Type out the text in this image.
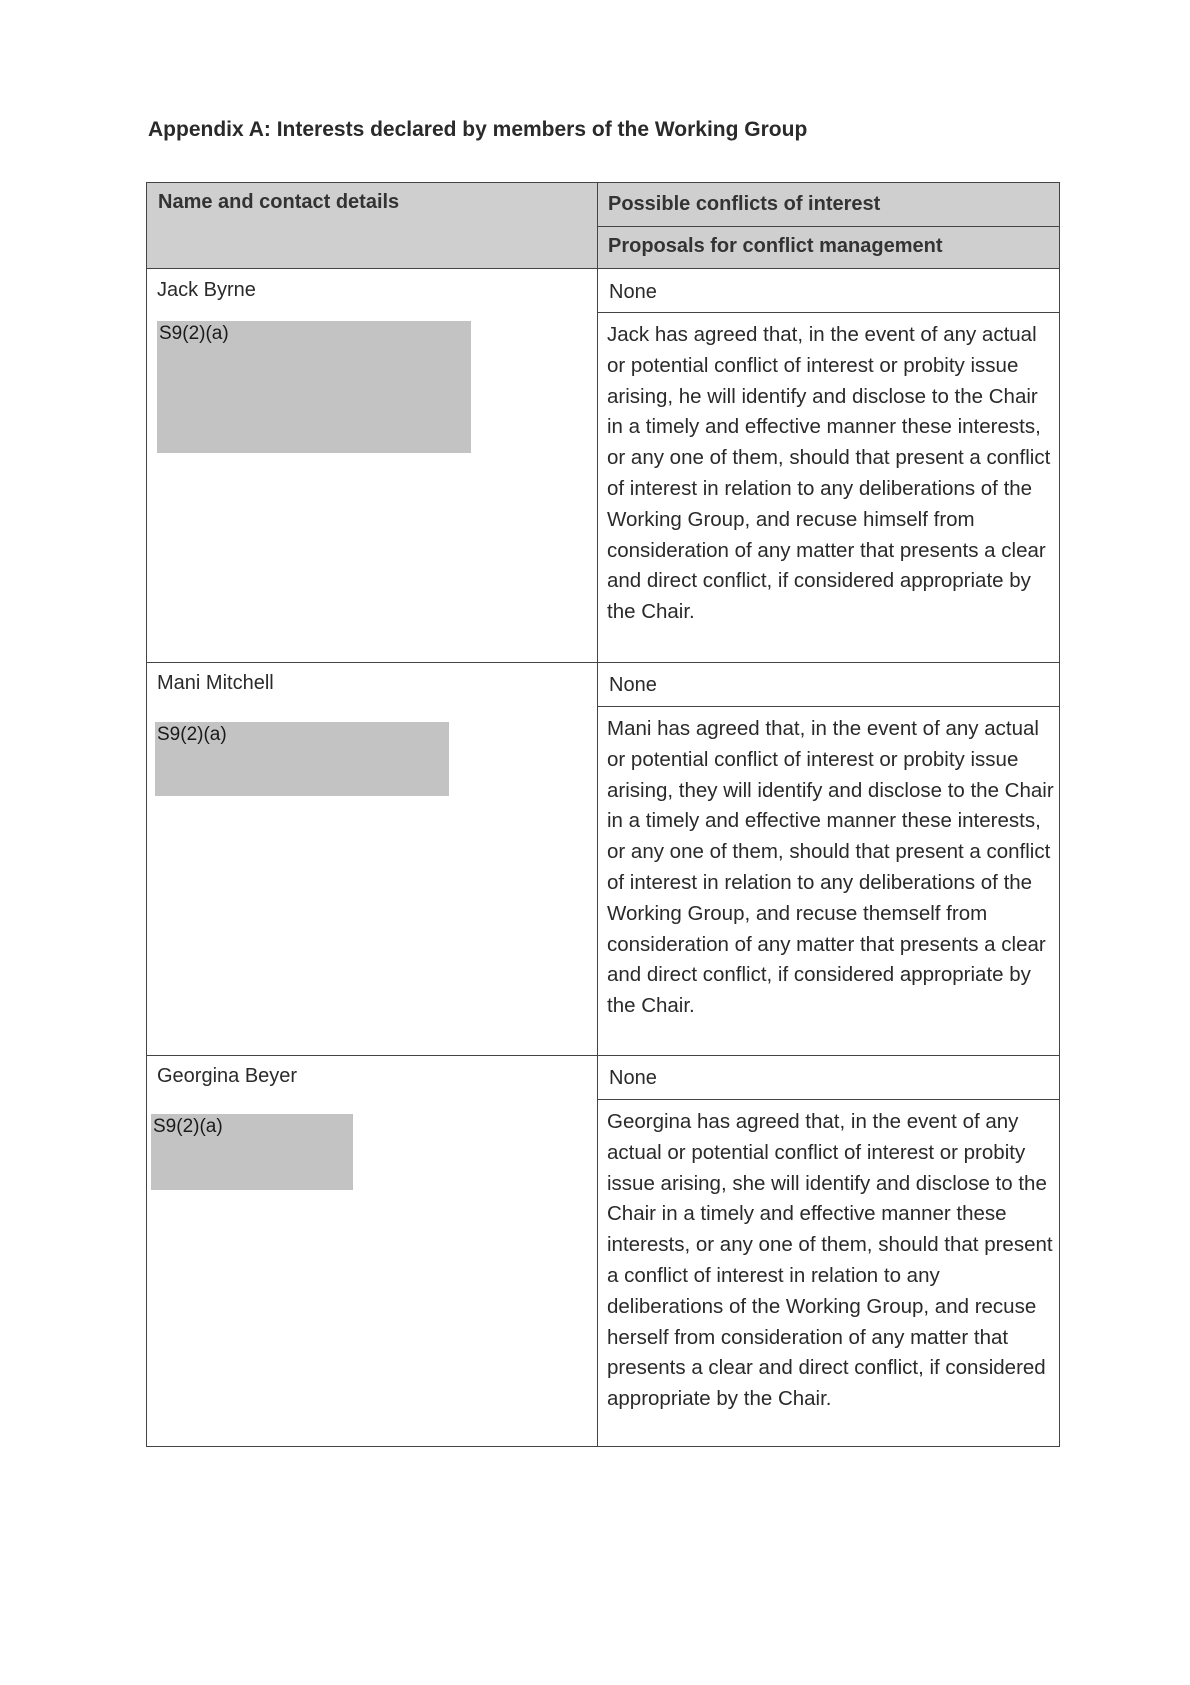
Appendix A: Interests declared by members of the Working Group
Name and contact details	Possible conflicts of interest
Proposals for conflict management
Jack Byrne
S9(2)(a)
None

Jack has agreed that, in the event of any actual or potential conflict of interest or probity issue arising, he will identify and disclose to the Chair in a timely and effective manner these interests, or any one of them, should that present a conflict of interest in relation to any deliberations of the Working Group, and recuse himself from consideration of any matter that presents a clear and direct conflict, if considered appropriate by the Chair.

Mani Mitchell
S9(2)(a)
None

Mani has agreed that, in the event of any actual or potential conflict of interest or probity issue arising, they will identify and disclose to the Chair in a timely and effective manner these interests, or any one of them, should that present a conflict of interest in relation to any deliberations of the Working Group, and recuse themself from consideration of any matter that presents a clear and direct conflict, if considered appropriate by the Chair.

Georgina Beyer
S9(2)(a)
None

Georgina has agreed that, in the event of any actual or potential conflict of interest or probity issue arising, she will identify and disclose to the Chair in a timely and effective manner these interests, or any one of them, should that present a conflict of interest in relation to any deliberations of the Working Group, and recuse herself from consideration of any matter that presents a clear and direct conflict, if considered appropriate by the Chair.
